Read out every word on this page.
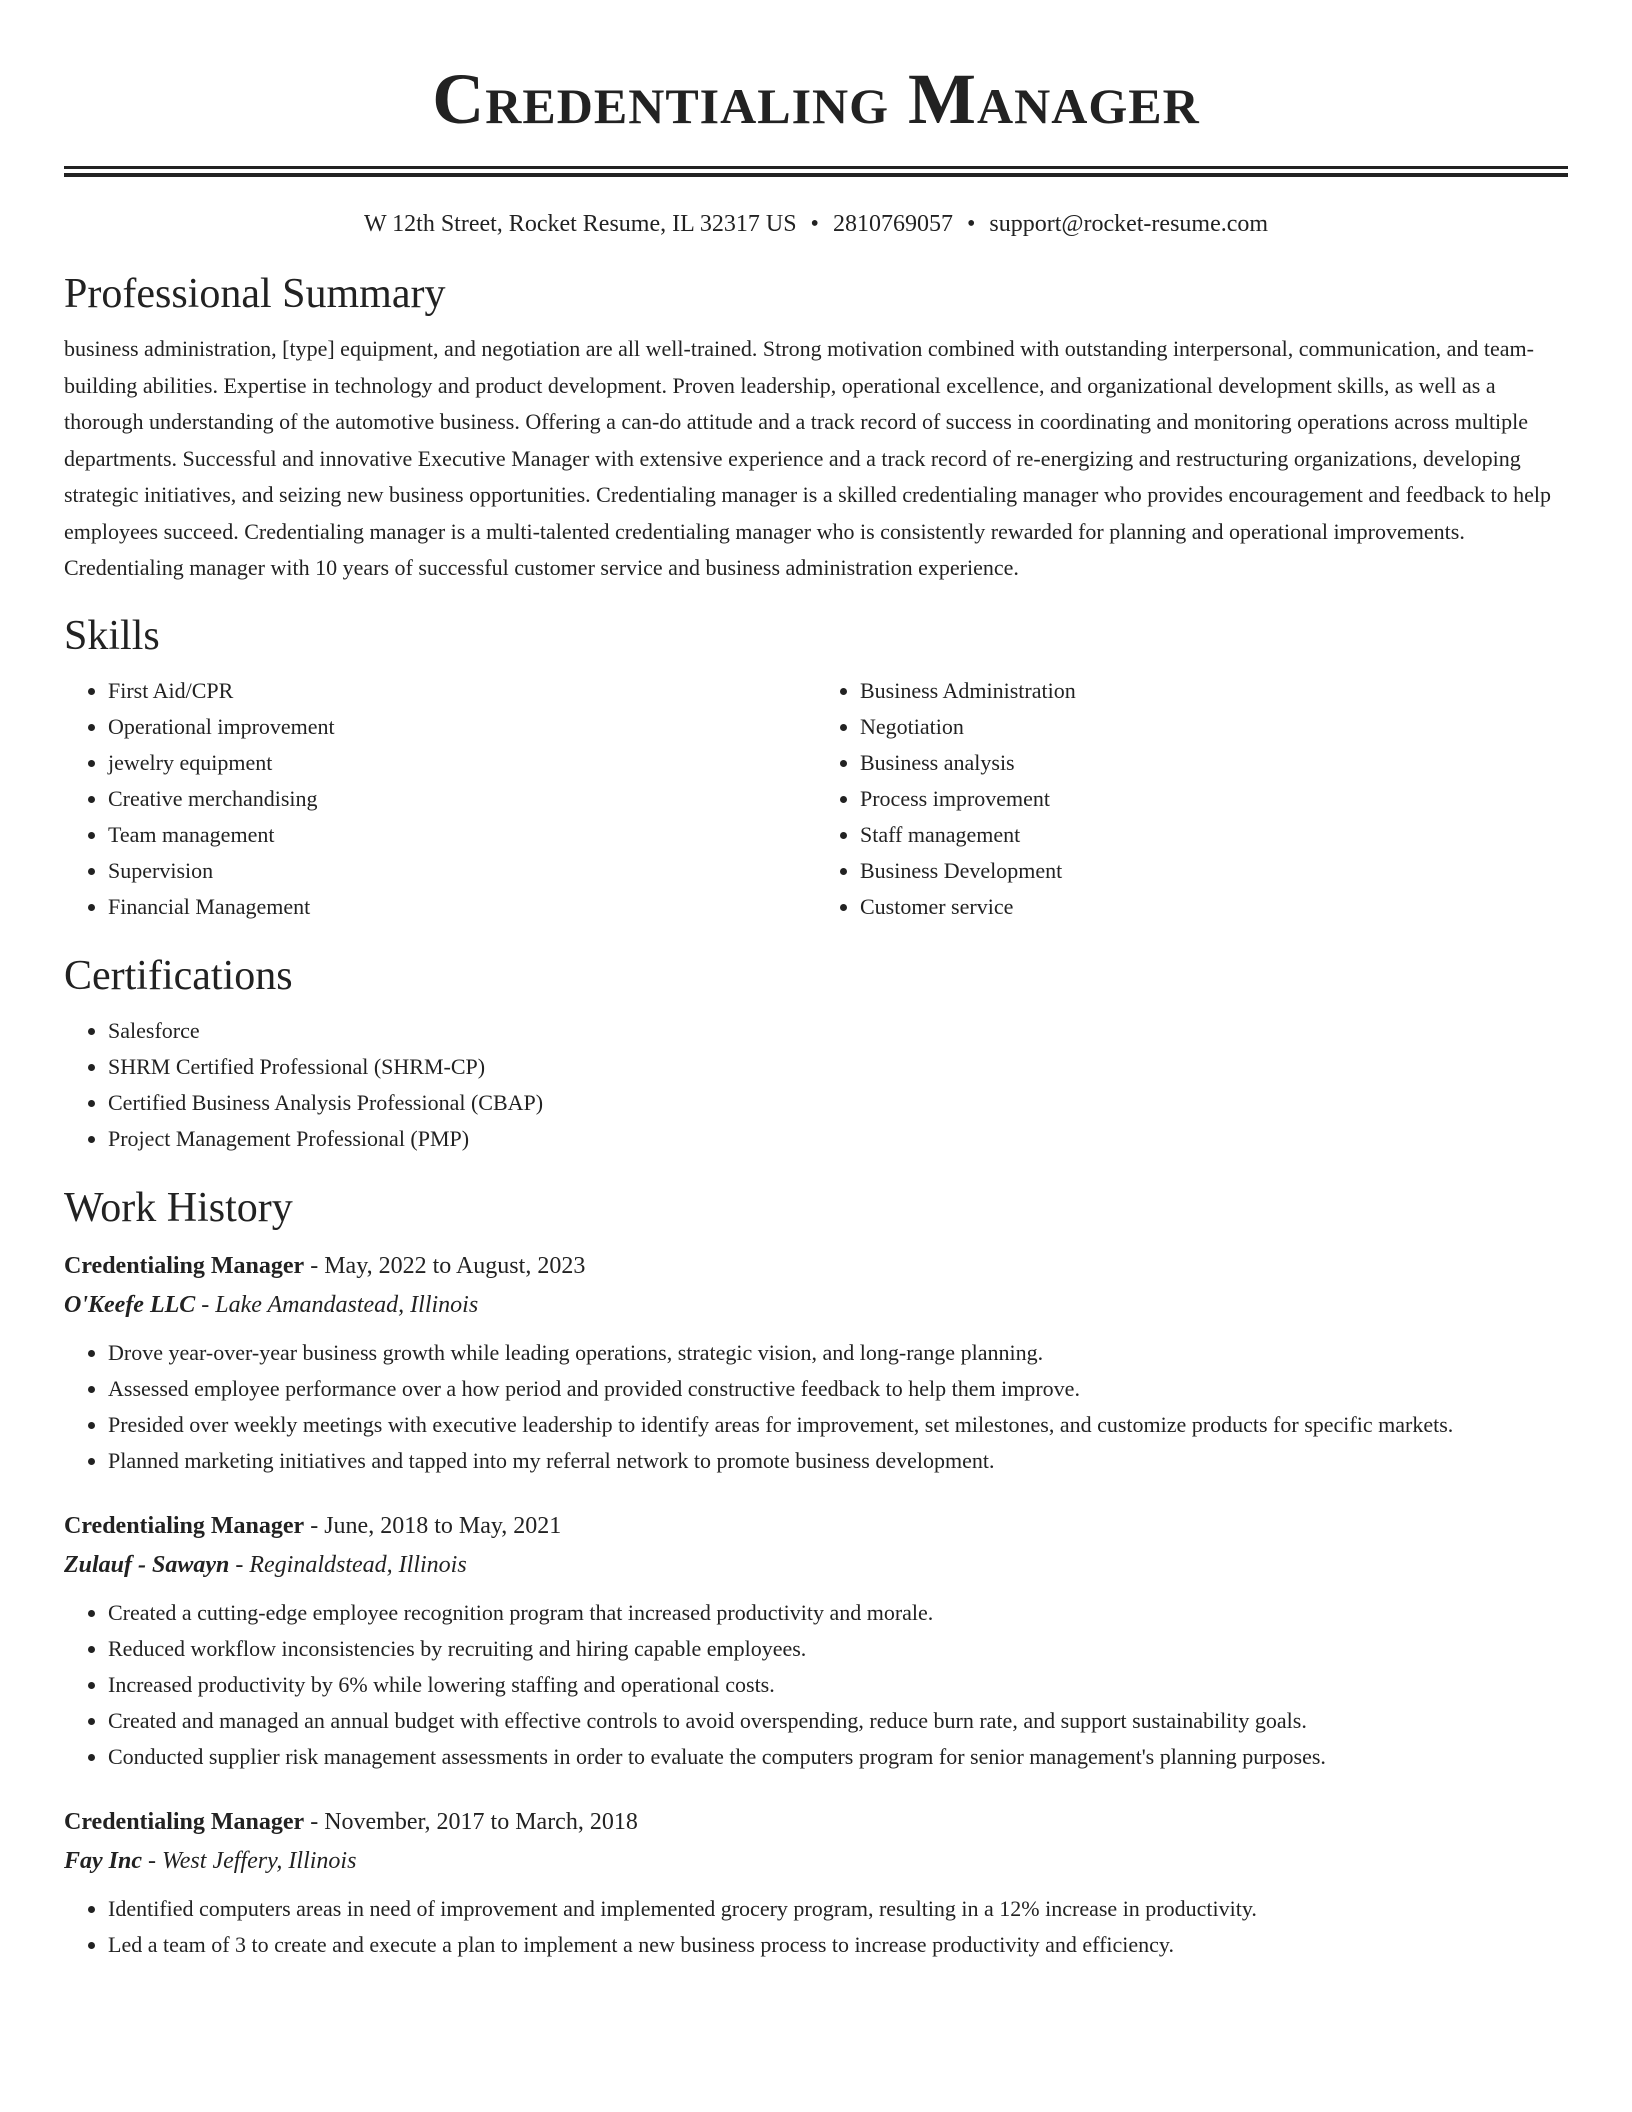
Credentialing Manager
W 12th Street, Rocket Resume, IL 32317 US • 2810769057 • support@rocket-resume.com
Professional Summary

business administration, [type] equipment, and negotiation are all well-trained. Strong motivation combined with outstanding interpersonal, communication, and team-building abilities. Expertise in technology and product development. Proven leadership, operational excellence, and organizational development skills, as well as a thorough understanding of the automotive business. Offering a can-do attitude and a track record of success in coordinating and monitoring operations across multiple departments. Successful and innovative Executive Manager with extensive experience and a track record of re-energizing and restructuring organizations, developing strategic initiatives, and seizing new business opportunities. Credentialing manager is a skilled credentialing manager who provides encouragement and feedback to help employees succeed. Credentialing manager is a multi-talented credentialing manager who is consistently rewarded for planning and operational improvements. Credentialing manager with 10 years of successful customer service and business administration experience.

Skills
• First Aid/CPR
• Operational improvement
• jewelry equipment
• Creative merchandising
• Team management
• Supervision
• Financial Management
• Business Administration
• Negotiation
• Business analysis
• Process improvement
• Staff management
• Business Development
• Customer service
Certifications
• Salesforce
• SHRM Certified Professional (SHRM-CP)
• Certified Business Analysis Professional (CBAP)
• Project Management Professional (PMP)
Work History
Credentialing Manager - May, 2022 to August, 2023
O'Keefe LLC - Lake Amandastead, Illinois
• Drove year-over-year business growth while leading operations, strategic vision, and long-range planning.
• Assessed employee performance over a how period and provided constructive feedback to help them improve.
• Presided over weekly meetings with executive leadership to identify areas for improvement, set milestones, and customize products for specific markets.
• Planned marketing initiatives and tapped into my referral network to promote business development.
Credentialing Manager - June, 2018 to May, 2021
Zulauf - Sawayn - Reginaldstead, Illinois
• Created a cutting-edge employee recognition program that increased productivity and morale.
• Reduced workflow inconsistencies by recruiting and hiring capable employees.
• Increased productivity by 6% while lowering staffing and operational costs.
• Created and managed an annual budget with effective controls to avoid overspending, reduce burn rate, and support sustainability goals.
• Conducted supplier risk management assessments in order to evaluate the computers program for senior management's planning purposes.
Credentialing Manager - November, 2017 to March, 2018
Fay Inc - West Jeffery, Illinois
• Identified computers areas in need of improvement and implemented grocery program, resulting in a 12% increase in productivity.
• Led a team of 3 to create and execute a plan to implement a new business process to increase productivity and efficiency.
